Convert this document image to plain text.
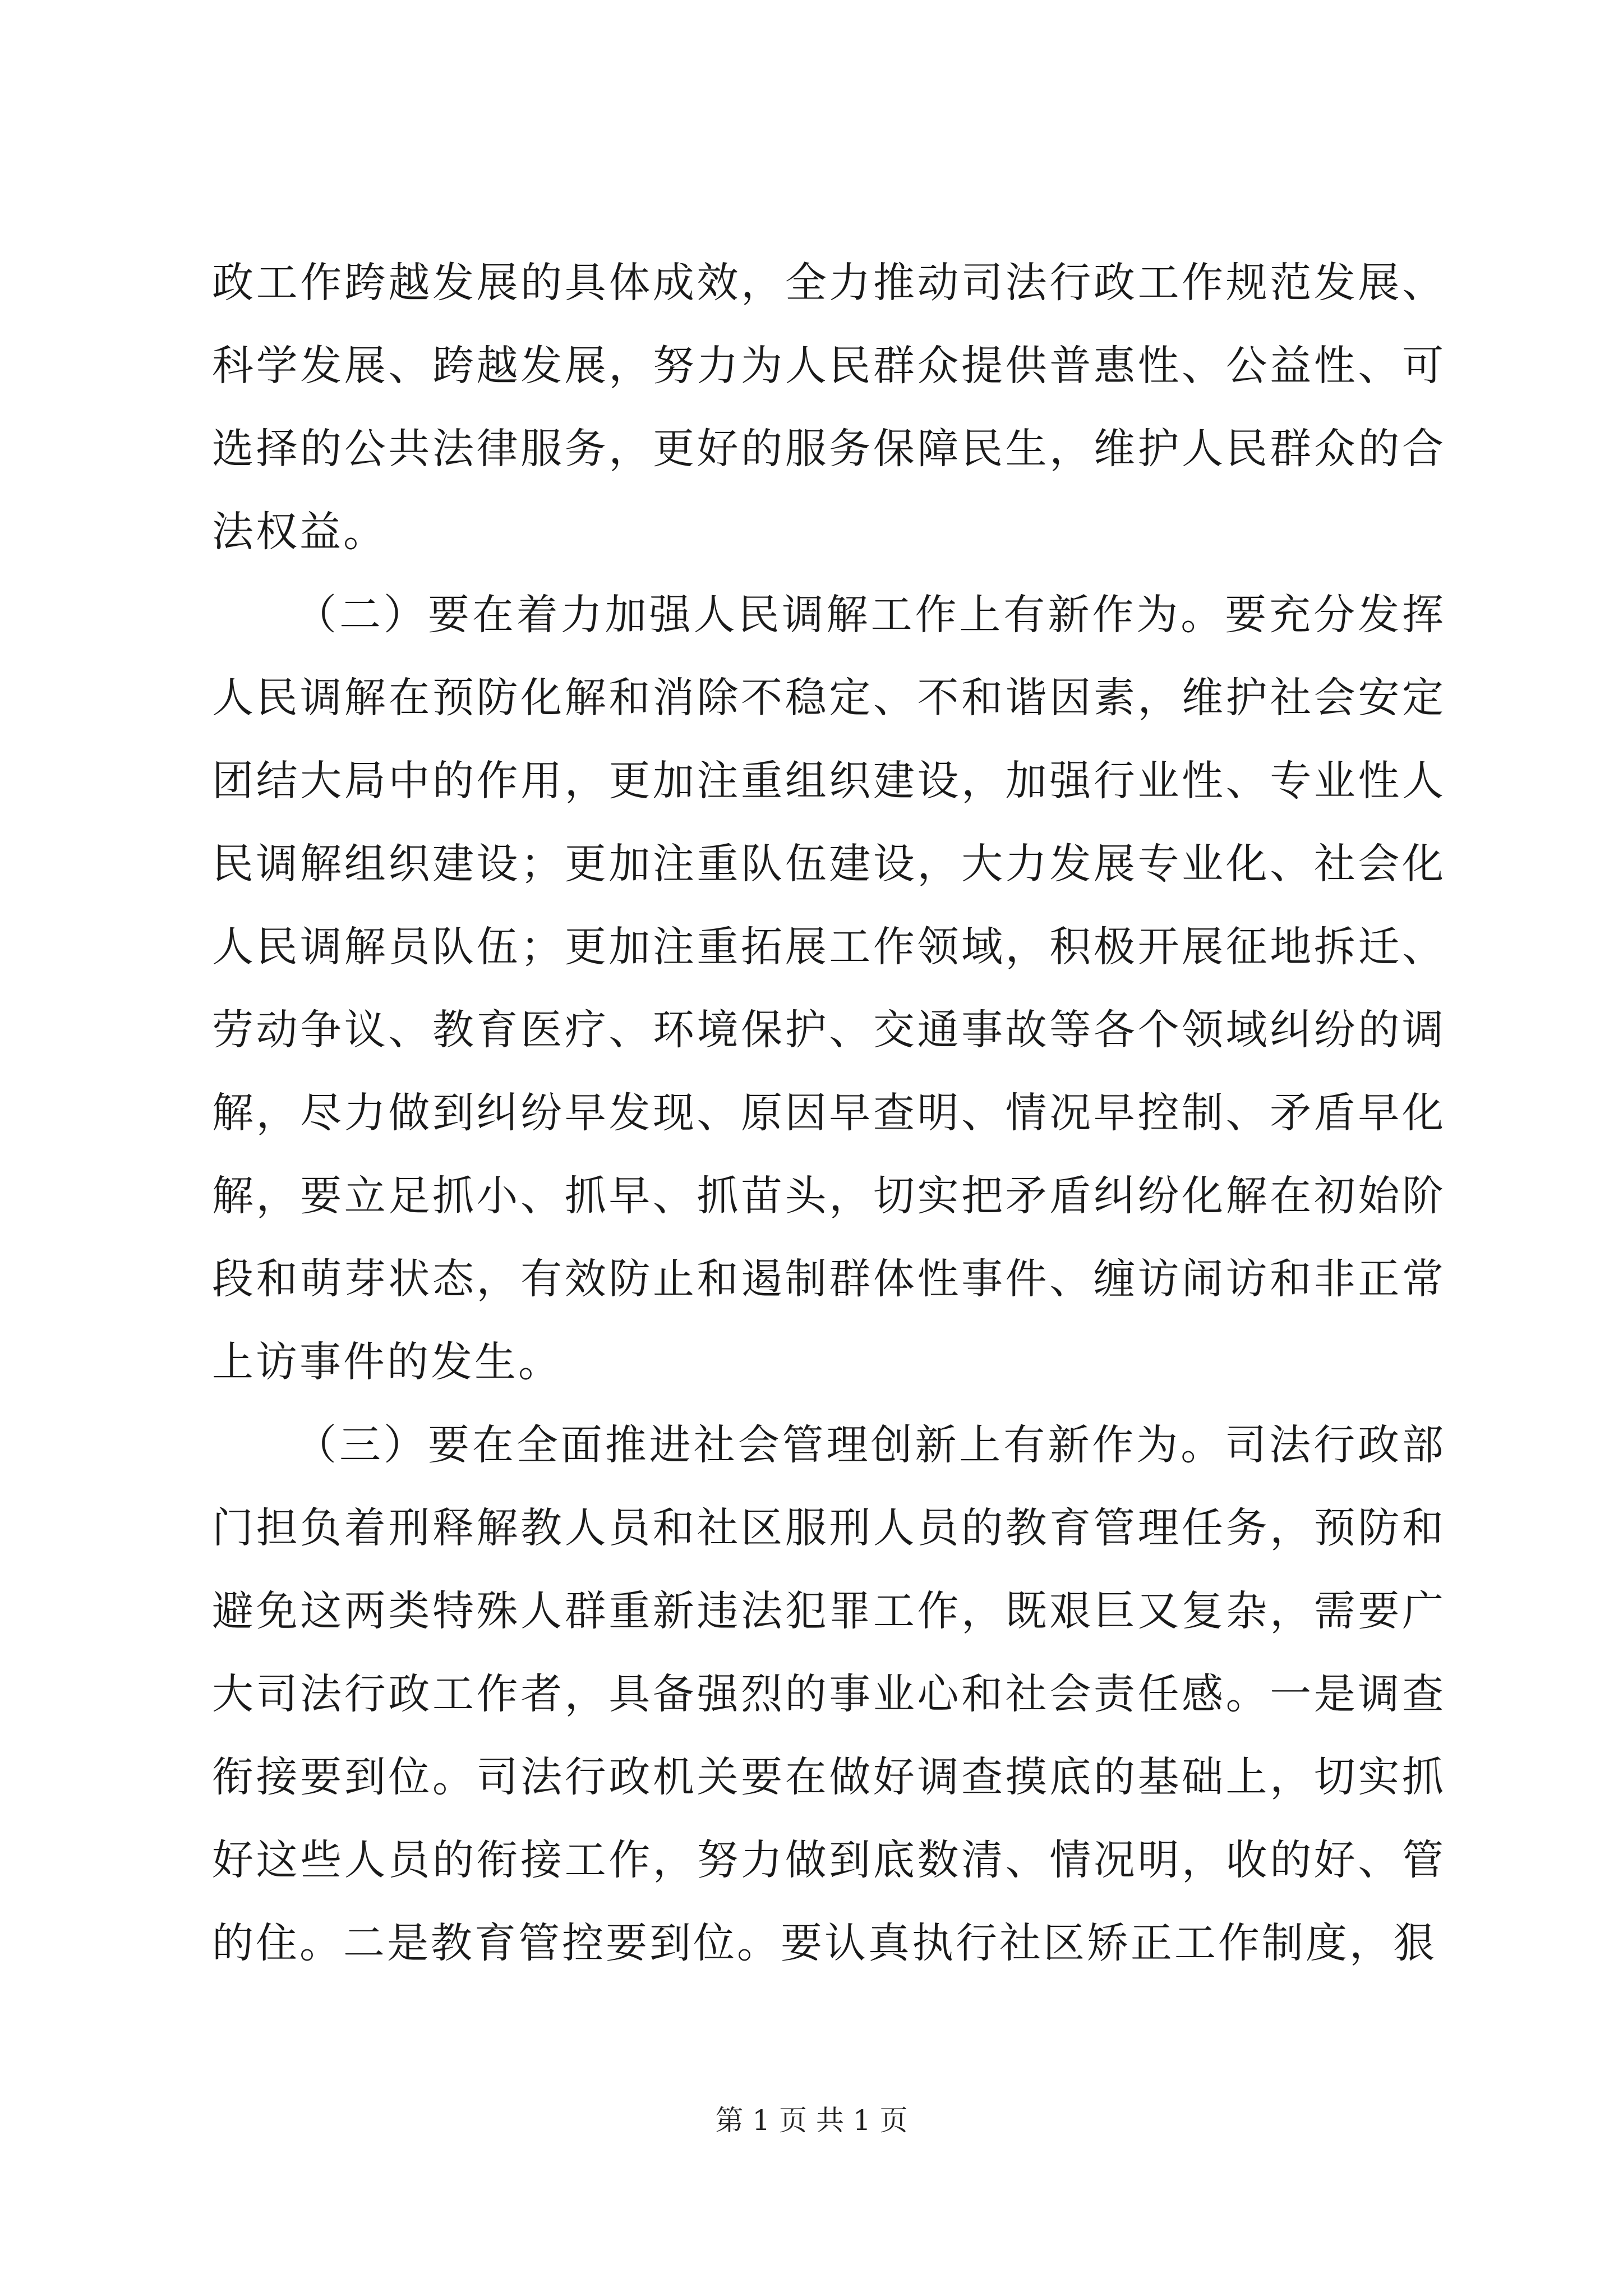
政工作跨越发展的具体成效，全力推动司法行政工作规范发展、科学发展、跨越发展，努力为人民群众提供普惠性、公益性、可选择的公共法律服务，更好的服务保障民生，维护人民群众的合法权益。

（二）要在着力加强人民调解工作上有新作为。要充分发挥人民调解在预防化解和消除不稳定、不和谐因素，维护社会安定团结大局中的作用，更加注重组织建设，加强行业性、专业性人民调解组织建设；更加注重队伍建设，大力发展专业化、社会化人民调解员队伍；更加注重拓展工作领域，积极开展征地拆迁、劳动争议、教育医疗、环境保护、交通事故等各个领域纠纷的调解，尽力做到纠纷早发现、原因早查明、情况早控制、矛盾早化解，要立足抓小、抓早、抓苗头，切实把矛盾纠纷化解在初始阶段和萌芽状态，有效防止和遏制群体性事件、缠访闹访和非正常上访事件的发生。

（三）要在全面推进社会管理创新上有新作为。司法行政部门担负着刑释解教人员和社区服刑人员的教育管理任务，预防和避免这两类特殊人群重新违法犯罪工作，既艰巨又复杂，需要广大司法行政工作者，具备强烈的事业心和社会责任感。一是调查衔接要到位。司法行政机关要在做好调查摸底的基础上，切实抓好这些人员的衔接工作，努力做到底数清、情况明，收的好、管的住。二是教育管控要到位。要认真执行社区矫正工作制度，狠

第 1 页 共 1 页
